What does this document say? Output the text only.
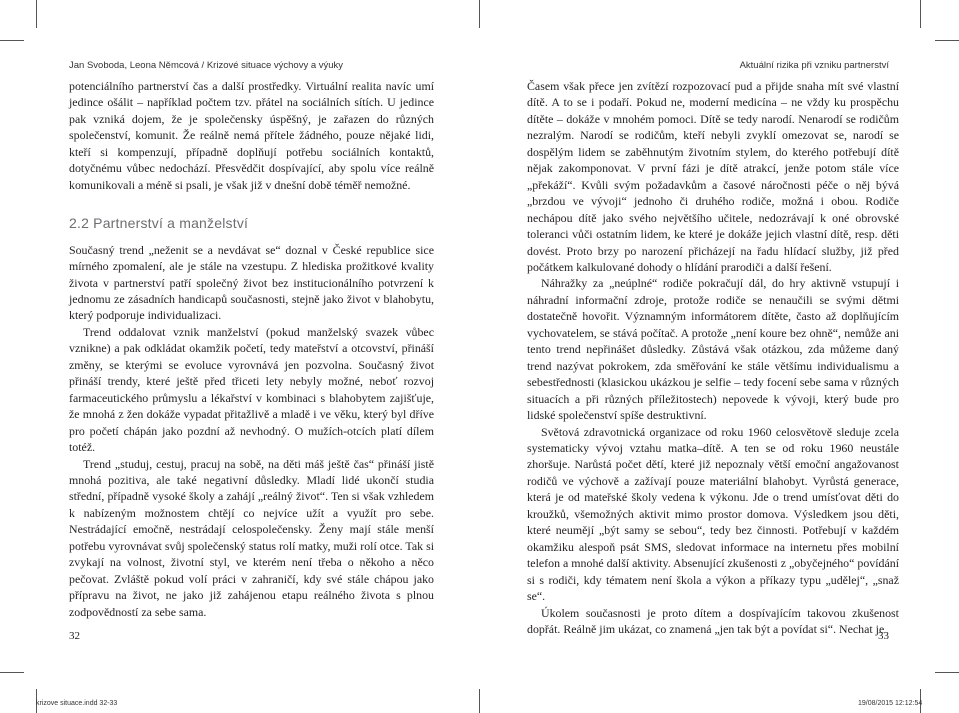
Jan Svoboda, Leona Němcová / Krizové situace výchovy a výuky

potenciálního partnerství čas a další prostředky. Virtuální realita navíc umí jedince ošálit – například počtem tzv. přátel na sociálních sítích. U jedince pak vzniká dojem, že je společensky úspěšný, je zařazen do různých společenství, komunit. Že reálně nemá přítele žádného, pouze nějaké lidi, kteří si kompenzují, případně doplňují potřebu sociálních kontaktů, dotyčnému vůbec nedochází. Přesvědčit dospívající, aby spolu více reálně komunikovali a méně si psali, je však již v dnešní době téměř nemožné.

2.2 Partnerství a manželství

Současný trend „neženit se a nevdávat se“ doznal v České republice sice mírného zpomalení, ale je stále na vzestupu. Z hlediska prožitkové kvality života v partnerství patří společný život bez institucionálního potvrzení k jednomu ze zásadních handicapů současnosti, stejně jako život v blahobytu, který podporuje individualizaci.

Trend oddalovat vznik manželství (pokud manželský svazek vůbec vznikne) a pak odkládat okamžik početí, tedy mateřství a otcovství, přináší změny, se kterými se evoluce vyrovnává jen pozvolna. Současný život přináší trendy, které ještě před třiceti lety nebyly možné, neboť rozvoj farmaceutického průmyslu a lékařství v kombinaci s blahobytem zajišťuje, že mnohá z žen dokáže vypadat přitažlivě a mladě i ve věku, který byl dříve pro početí chápán jako pozdní až nevhodný. O mužích-otcích platí dílem totéž.

Trend „studuj, cestuj, pracuj na sobě, na děti máš ještě čas“ přináší jistě mnohá pozitiva, ale také negativní důsledky. Mladí lidé ukončí studia střední, případně vysoké školy a zahájí „reálný život“. Ten si však vzhledem k nabízeným možnostem chtějí co nejvíce užít a využít pro sebe. Nestrádající emočně, nestrádají celospolečensky. Ženy mají stále menší potřebu vyrovnávat svůj společenský status rolí matky, muži rolí otce. Tak si zvykají na volnost, životní styl, ve kterém není třeba o někoho a něco pečovat. Zvláště pokud volí práci v zahraničí, kdy své stále chápou jako přípravu na život, ne jako již zahájenou etapu reálného života s plnou zodpovědností za sebe sama.

32
Aktuální rizika při vzniku partnerství

Časem však přece jen zvítězí rozpozovací pud a přijde snaha mít své vlastní dítě. A to se i podaří. Pokud ne, moderní medicína – ne vždy ku prospěchu dítěte – dokáže v mnohém pomoci. Dítě se tedy narodí. Nenarodí se rodičům nezralým. Narodí se rodičům, kteří nebyli zvyklí omezovat se, narodí se dospělým lidem se zaběhnutým životním stylem, do kterého potřebují dítě nějak zakomponovat. V první fázi je dítě atrakcí, jenže potom stále více „překáží“. Kvůli svým požadavkům a časové náročnosti péče o něj bývá „brzdou ve vývoji“ jednoho či druhého rodiče, možná i obou. Rodiče nechápou dítě jako svého největšího učitele, nedozrávají k oné obrovské toleranci vůči ostatním lidem, ke které je dokáže jejich vlastní dítě, resp. děti dovést. Proto brzy po narození přicházejí na řadu hlídací služby, již před počátkem kalkulované dohody o hlídání prarodiči a další řešení.

Náhražky za „neúplné“ rodiče pokračují dál, do hry aktivně vstupují i náhradní informační zdroje, protože rodiče se nenaučili se svými dětmi dostatečně hovořit. Významným informátorem dítěte, často až doplňujícím vychovatelem, se stává počítač. A protože „není koure bez ohně“, nemůže ani tento trend nepřinášet důsledky. Zůstává však otázkou, zda můžeme daný trend nazývat pokrokem, zda směřování ke stále většímu individualismu a sebestřednosti (klasickou ukázkou je selfie – tedy focení sebe sama v různých situacích a při různých příležitostech) nepovede k vývoji, který bude pro lidské společenství spíše destruktivní.

Světová zdravotnická organizace od roku 1960 celosvětově sleduje zcela systematicky vývoj vztahu matka–dítě. A ten se od roku 1960 neustále zhoršuje. Narůstá počet dětí, které již nepoznaly větší emoční angažovanost rodičů ve výchově a zažívají pouze materiální blahobyt. Vyrůstá generace, která je od mateřské školy vedena k výkonu. Jde o trend umísťovat děti do kroužků, všemožných aktivit mimo prostor domova. Výsledkem jsou děti, které neumějí „být samy se sebou“, tedy bez činnosti. Potřebují v každém okamžiku alespoň psát SMS, sledovat informace na internetu přes mobilní telefon a mnohé další aktivity. Absenující zkušenosti z „obyčejného“ povídání si s rodiči, kdy tématem není škola a výkon a příkazy typu „udělej“, „snaž se“.

Úkolem současnosti je proto dítem a dospívajícím takovou zkušenost dopřát. Reálně jim ukázat, co znamená „jen tak být a povídat si“. Nechat je

33
krizove situace.indd 32-33	19/08/2015 12:12:54
